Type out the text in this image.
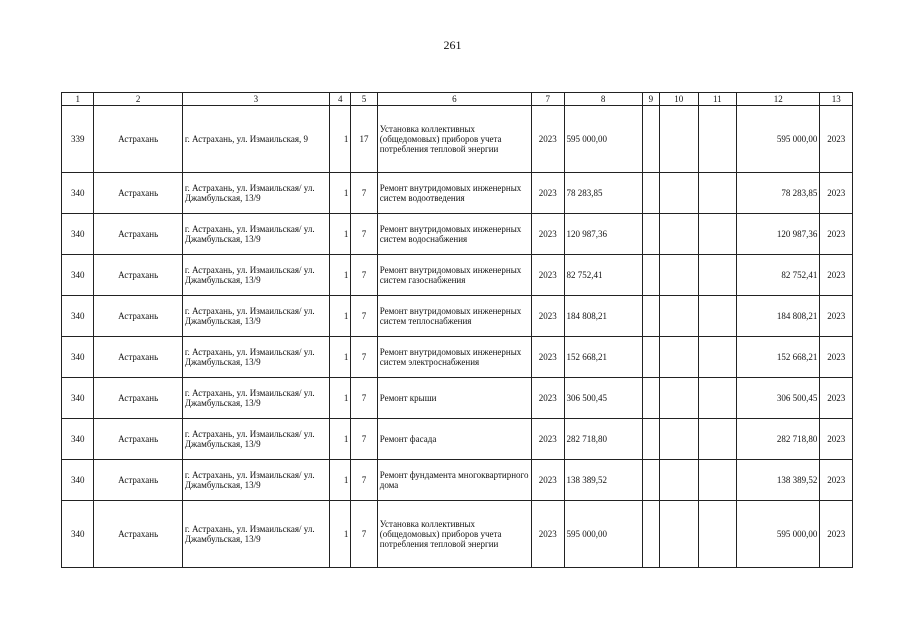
261
1	2	3	4	5	6	7	8	9	10	11	12	13
339	Астрахань	г. Астрахань, ул. Измаильская, 9	1	17	Установка коллективных (общедомовых) приборов учета потребления тепловой энергии	2023	595 000,00				595 000,00	2023
340	Астрахань	г. Астрахань, ул. Измаильская/ ул. Джамбульская, 13/9	1	7	Ремонт внутридомовых инженерных систем водоотведения	2023	78 283,85				78 283,85	2023
340	Астрахань	г. Астрахань, ул. Измаильская/ ул. Джамбульская, 13/9	1	7	Ремонт внутридомовых инженерных систем водоснабжения	2023	120 987,36				120 987,36	2023
340	Астрахань	г. Астрахань, ул. Измаильская/ ул. Джамбульская, 13/9	1	7	Ремонт внутридомовых инженерных систем газоснабжения	2023	82 752,41				82 752,41	2023
340	Астрахань	г. Астрахань, ул. Измаильская/ ул. Джамбульская, 13/9	1	7	Ремонт внутридомовых инженерных систем теплоснабжения	2023	184 808,21				184 808,21	2023
340	Астрахань	г. Астрахань, ул. Измаильская/ ул. Джамбульская, 13/9	1	7	Ремонт внутридомовых инженерных систем электроснабжения	2023	152 668,21				152 668,21	2023
340	Астрахань	г. Астрахань, ул. Измаильская/ ул. Джамбульская, 13/9	1	7	Ремонт крыши	2023	306 500,45				306 500,45	2023
340	Астрахань	г. Астрахань, ул. Измаильская/ ул. Джамбульская, 13/9	1	7	Ремонт фасада	2023	282 718,80				282 718,80	2023
340	Астрахань	г. Астрахань, ул. Измаильская/ ул. Джамбульская, 13/9	1	7	Ремонт фундамента многоквартирного дома	2023	138 389,52				138 389,52	2023
340	Астрахань	г. Астрахань, ул. Измаильская/ ул. Джамбульская, 13/9	1	7	Установка коллективных (общедомовых) приборов учета потребления тепловой энергии	2023	595 000,00				595 000,00	2023
